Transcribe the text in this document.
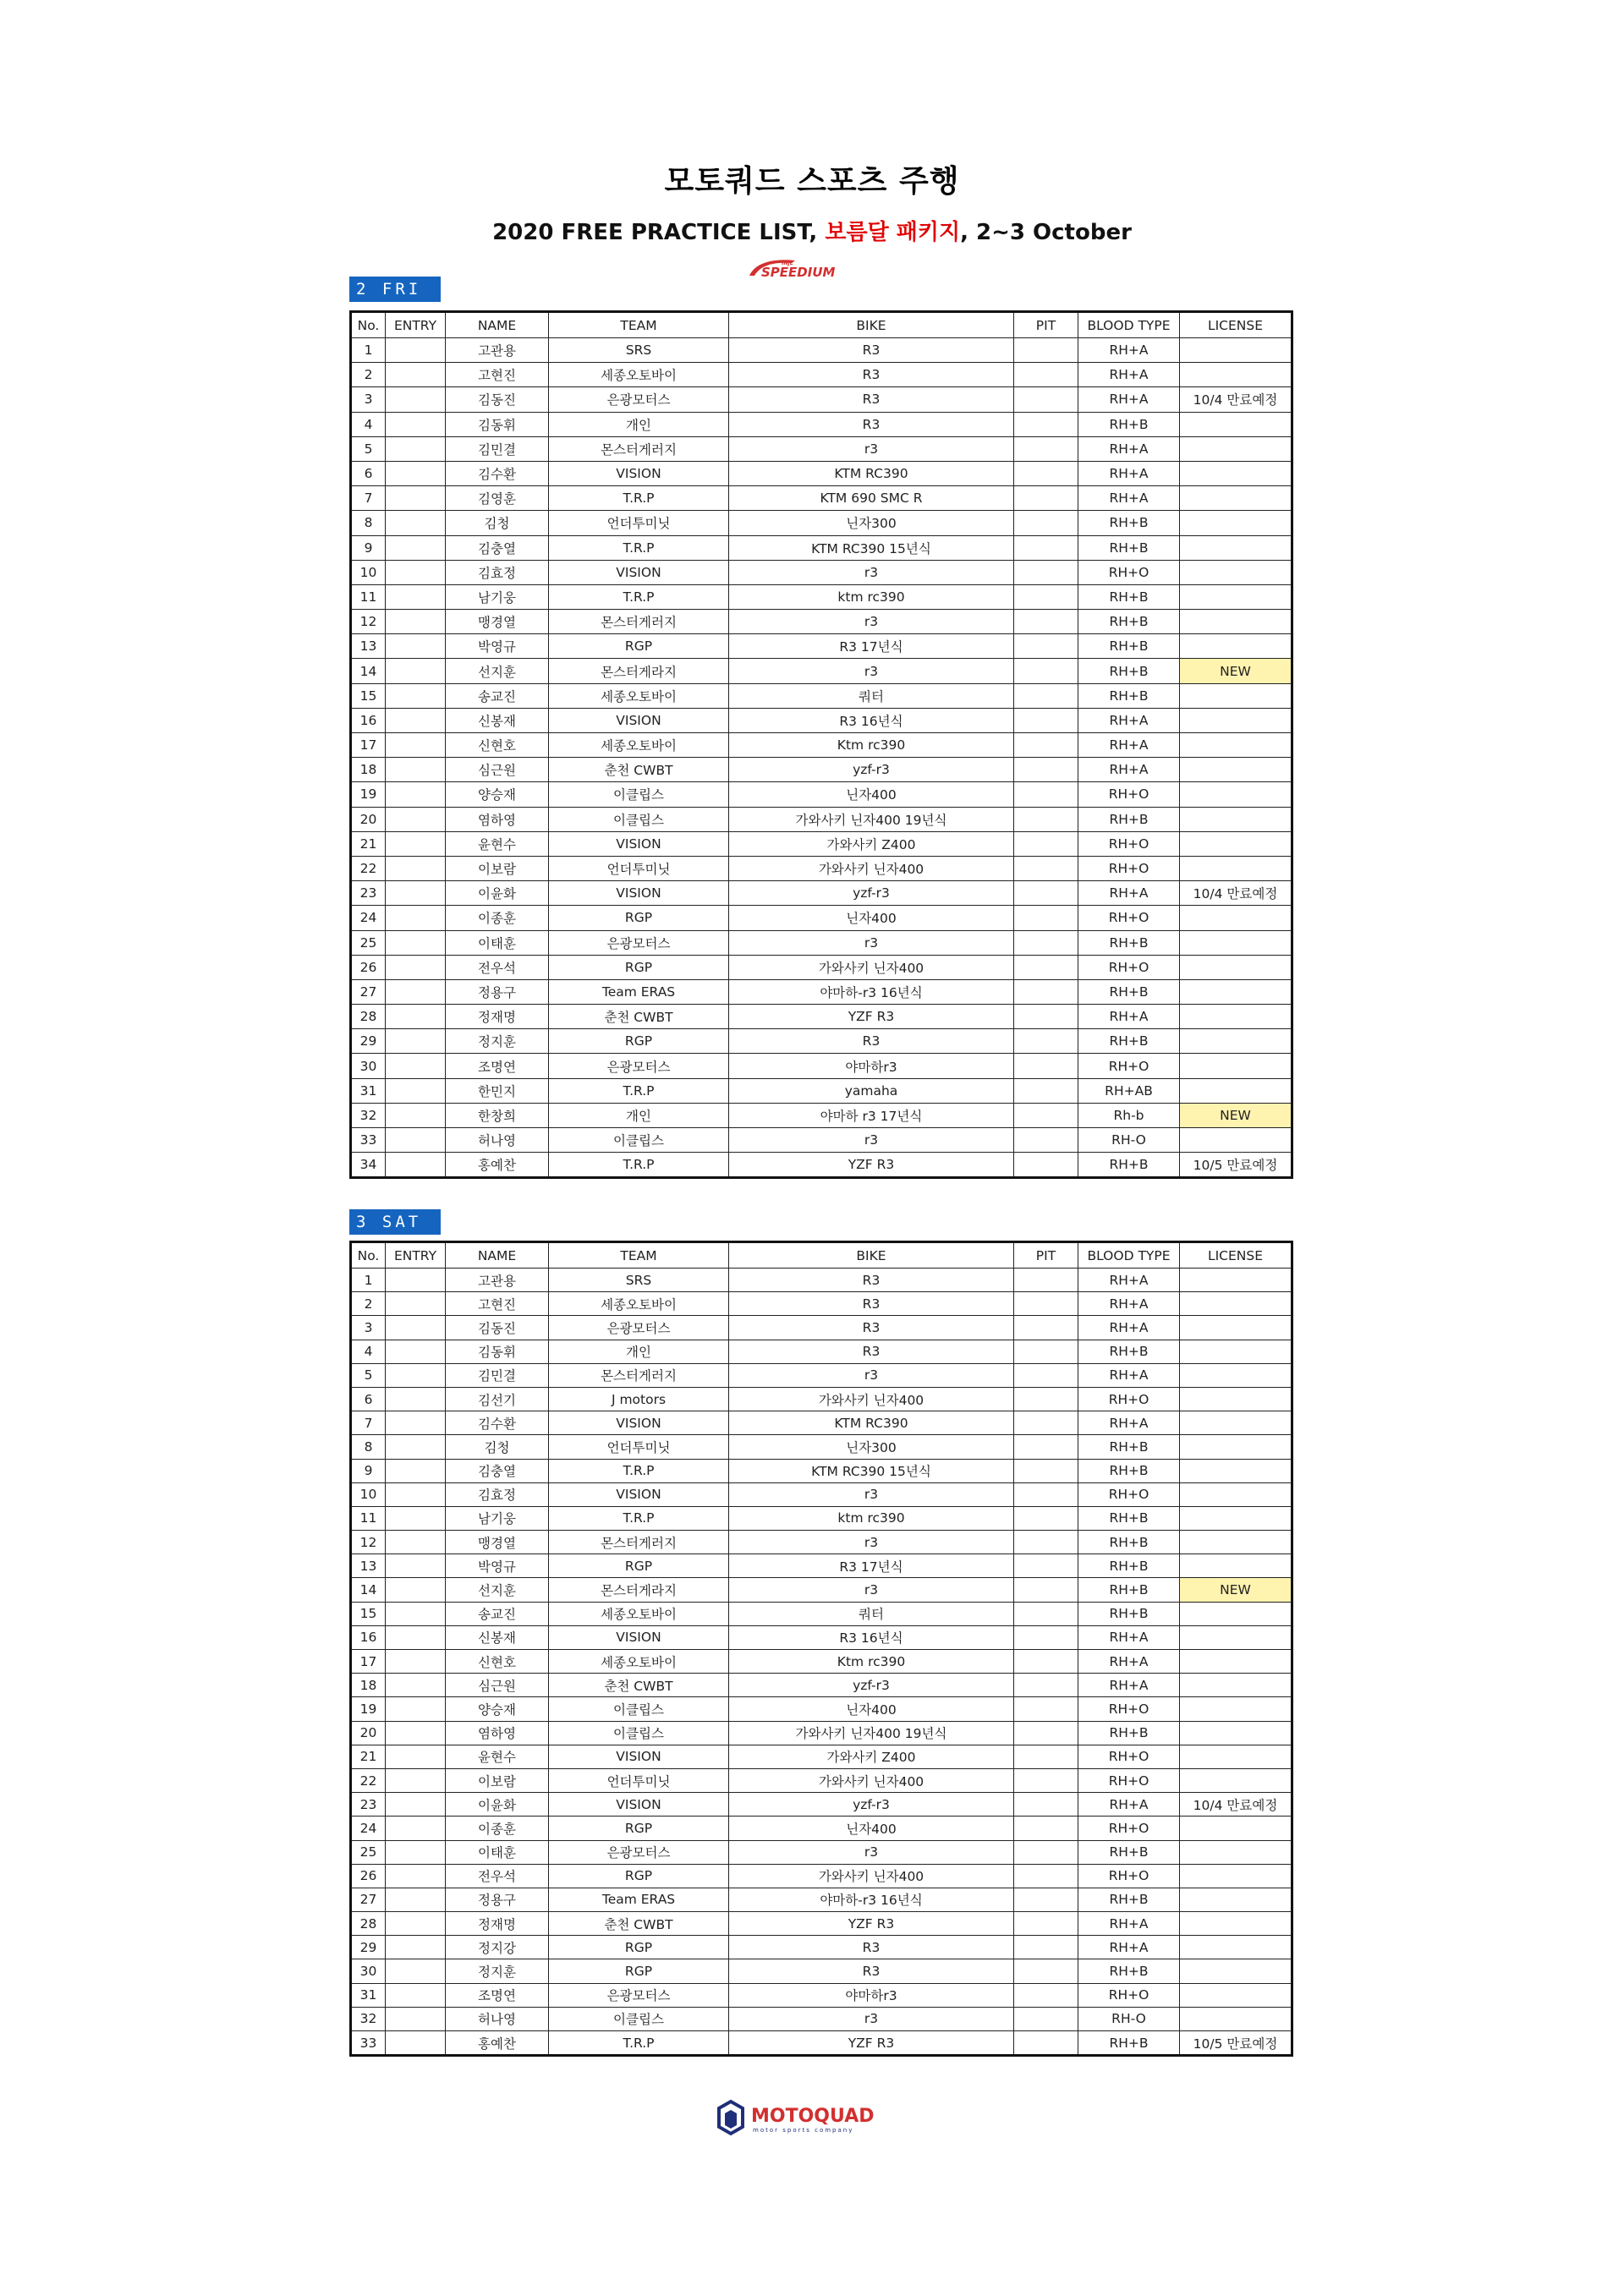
모토쿼드 스포츠 주행
2020 FREE PRACTICE LIST, 보름달 패키지, 2~3 October
INJE
SPEEDIUM
2 FRI
No.	ENTRY	NAME	TEAM	BIKE	PIT	BLOOD TYPE	LICENSE
1		고관용	SRS	R3		RH+A	
2		고현진	세종오토바이	R3		RH+A	
3		김동진	은광모터스	R3		RH+A	10/4 만료예정
4		김동휘	개인	R3		RH+B	
5		김민결	몬스터게러지	r3		RH+A	
6		김수환	VISION	KTM RC390		RH+A	
7		김영훈	T.R.P	KTM 690 SMC R		RH+A	
8		김청	언더투미닛	닌자300		RH+B	
9		김충열	T.R.P	KTM RC390 15년식		RH+B	
10		김효정	VISION	r3		RH+O	
11		남기웅	T.R.P	ktm rc390		RH+B	
12		맹경열	몬스터게러지	r3		RH+B	
13		박영규	RGP	R3 17년식		RH+B	
14		선지훈	몬스터게라지	r3		RH+B	NEW
15		송교진	세종오토바이	쿼터		RH+B	
16		신봉재	VISION	R3 16년식		RH+A	
17		신현호	세종오토바이	Ktm rc390		RH+A	
18		심근원	춘천 CWBT	yzf-r3		RH+A	
19		양승재	이클립스	닌자400		RH+O	
20		염하영	이클립스	가와사키 닌자400 19년식		RH+B	
21		윤현수	VISION	가와사키 Z400		RH+O	
22		이보람	언더투미닛	가와사키 닌자400		RH+O	
23		이윤화	VISION	yzf-r3		RH+A	10/4 만료예정
24		이종훈	RGP	닌자400		RH+O	
25		이태훈	은광모터스	r3		RH+B	
26		전우석	RGP	가와사키 닌자400		RH+O	
27		정용구	Team ERAS	야마하-r3 16년식		RH+B	
28		정재명	춘천 CWBT	YZF R3		RH+A	
29		정지훈	RGP	R3		RH+B	
30		조명연	은광모터스	야마하r3		RH+O	
31		한민지	T.R.P	yamaha		RH+AB	
32		한창희	개인	야마하 r3 17년식		Rh-b	NEW
33		허나영	이클립스	r3		RH-O	
34		홍예찬	T.R.P	YZF R3		RH+B	10/5 만료예정
3 SAT
No.	ENTRY	NAME	TEAM	BIKE	PIT	BLOOD TYPE	LICENSE
1		고관용	SRS	R3		RH+A	
2		고현진	세종오토바이	R3		RH+A	
3		김동진	은광모터스	R3		RH+A	
4		김동휘	개인	R3		RH+B	
5		김민결	몬스터게러지	r3		RH+A	
6		김선기	J motors	가와사키 닌자400		RH+O	
7		김수환	VISION	KTM RC390		RH+A	
8		김청	언더투미닛	닌자300		RH+B	
9		김충열	T.R.P	KTM RC390 15년식		RH+B	
10		김효정	VISION	r3		RH+O	
11		남기웅	T.R.P	ktm rc390		RH+B	
12		맹경열	몬스터게러지	r3		RH+B	
13		박영규	RGP	R3 17년식		RH+B	
14		선지훈	몬스터게라지	r3		RH+B	NEW
15		송교진	세종오토바이	쿼터		RH+B	
16		신봉재	VISION	R3 16년식		RH+A	
17		신현호	세종오토바이	Ktm rc390		RH+A	
18		심근원	춘천 CWBT	yzf-r3		RH+A	
19		양승재	이클립스	닌자400		RH+O	
20		염하영	이클립스	가와사키 닌자400 19년식		RH+B	
21		윤현수	VISION	가와사키 Z400		RH+O	
22		이보람	언더투미닛	가와사키 닌자400		RH+O	
23		이윤화	VISION	yzf-r3		RH+A	10/4 만료예정
24		이종훈	RGP	닌자400		RH+O	
25		이태훈	은광모터스	r3		RH+B	
26		전우석	RGP	가와사키 닌자400		RH+O	
27		정용구	Team ERAS	야마하-r3 16년식		RH+B	
28		정재명	춘천 CWBT	YZF R3		RH+A	
29		정지강	RGP	R3		RH+A	
30		정지훈	RGP	R3		RH+B	
31		조명연	은광모터스	야마하r3		RH+O	
32		허나영	이클립스	r3		RH-O	
33		홍예찬	T.R.P	YZF R3		RH+B	10/5 만료예정
MOTOQUAD
motor sports company
